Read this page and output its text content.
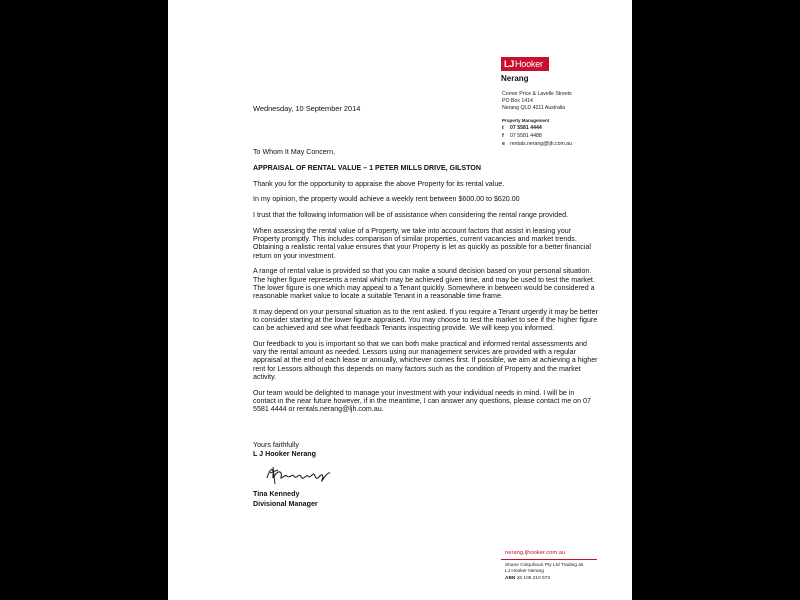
LJ Hooker
Nerang
Corner Price & Lavelle Streets
PO Box 1414
Nerang QLD 4211 Australia
Property Management
t 07 5581 4444
f 07 5581 4488
e rentals.nerang@ljh.com.au
Wednesday, 10 September 2014

To Whom It May Concern,

APPRAISAL OF RENTAL VALUE – 1 PETER MILLS DRIVE, GILSTON

Thank you for the opportunity to appraise the above Property for its rental value.

In my opinion, the property would achieve a weekly rent between $600.00 to $620.00

I trust that the following information will be of assistance when considering the rental range provided.

When assessing the rental value of a Property, we take into account factors that assist in leasing your Property promptly. This includes comparison of similar properties, current vacancies and market trends. Obtaining a realistic rental value ensures that your Property is let as quickly as possible for a better financial return on your investment.

A range of rental value is provided so that you can make a sound decision based on your personal situation. The higher figure represents a rental which may be achieved given time, and may be used to test the market. The lower figure is one which may appeal to a Tenant quickly. Somewhere in between would be considered a reasonable market value to locate a suitable Tenant in a reasonable time frame.

It may depend on your personal situation as to the rent asked. If you require a Tenant urgently it may be better to consider starting at the lower figure appraised. You may choose to test the market to see if the higher figure can be achieved and see what feedback Tenants inspecting provide. We will keep you informed.

Our feedback to you is important so that we can both make practical and informed rental assessments and vary the rental amount as needed. Lessors using our management services are provided with a regular appraisal at the end of each lease or annually, whichever comes first. If possible, we aim at achieving a higher rent for Lessors although this depends on many factors such as the condition of Property and the market activity.

Our team would be delighted to manage your investment with your individual needs in mind. I will be in contact in the near future however, if in the meantime, I can answer any questions, please contact me on 07 5581 4444 or rentals.nerang@ljh.com.au.

Yours faithfully
L J Hooker Nerang
Tina Kennedy
Divisional Manager
nerang.ljhooker.com.au
Shane Colquhoun Pty Ltd Trading as
LJ Hooker Nerang
ABN 26 106 210 573
